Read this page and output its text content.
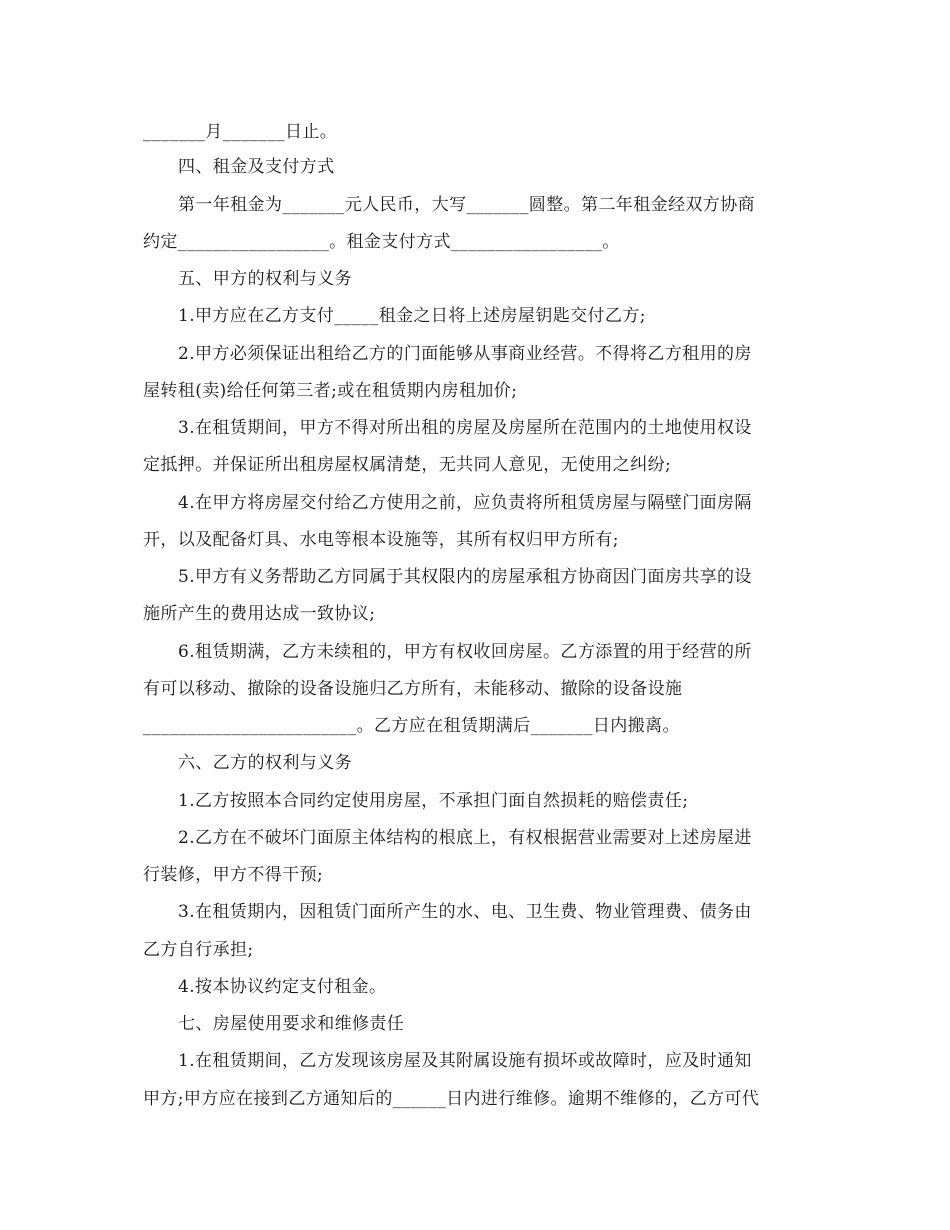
_______月_______日止。
四、租金及支付方式
第一年租金为_______元人民币，大写_______圆整。第二年租金经双方协商
约定_________________。租金支付方式_________________。
五、甲方的权利与义务
1.甲方应在乙方支付_____租金之日将上述房屋钥匙交付乙方;
2.甲方必须保证出租给乙方的门面能够从事商业经营。不得将乙方租用的房
屋转租(卖)给任何第三者;或在租赁期内房租加价;
3.在租赁期间，甲方不得对所出租的房屋及房屋所在范围内的土地使用权设
定抵押。并保证所出租房屋权属清楚，无共同人意见，无使用之纠纷;
4.在甲方将房屋交付给乙方使用之前，应负责将所租赁房屋与隔壁门面房隔
开，以及配备灯具、水电等根本设施等，其所有权归甲方所有;
5.甲方有义务帮助乙方同属于其权限内的房屋承租方协商因门面房共享的设
施所产生的费用达成一致协议;
6.租赁期满，乙方未续租的，甲方有权收回房屋。乙方添置的用于经营的所
有可以移动、撤除的设备设施归乙方所有，未能移动、撤除的设备设施
________________________。乙方应在租赁期满后_______日内搬离。
六、乙方的权利与义务
1.乙方按照本合同约定使用房屋，不承担门面自然损耗的赔偿责任;
2.乙方在不破坏门面原主体结构的根底上，有权根据营业需要对上述房屋进
行装修，甲方不得干预;
3.在租赁期内，因租赁门面所产生的水、电、卫生费、物业管理费、债务由
乙方自行承担;
4.按本协议约定支付租金。
七、房屋使用要求和维修责任
1.在租赁期间，乙方发现该房屋及其附属设施有损坏或故障时，应及时通知
甲方;甲方应在接到乙方通知后的______日内进行维修。逾期不维修的，乙方可代
